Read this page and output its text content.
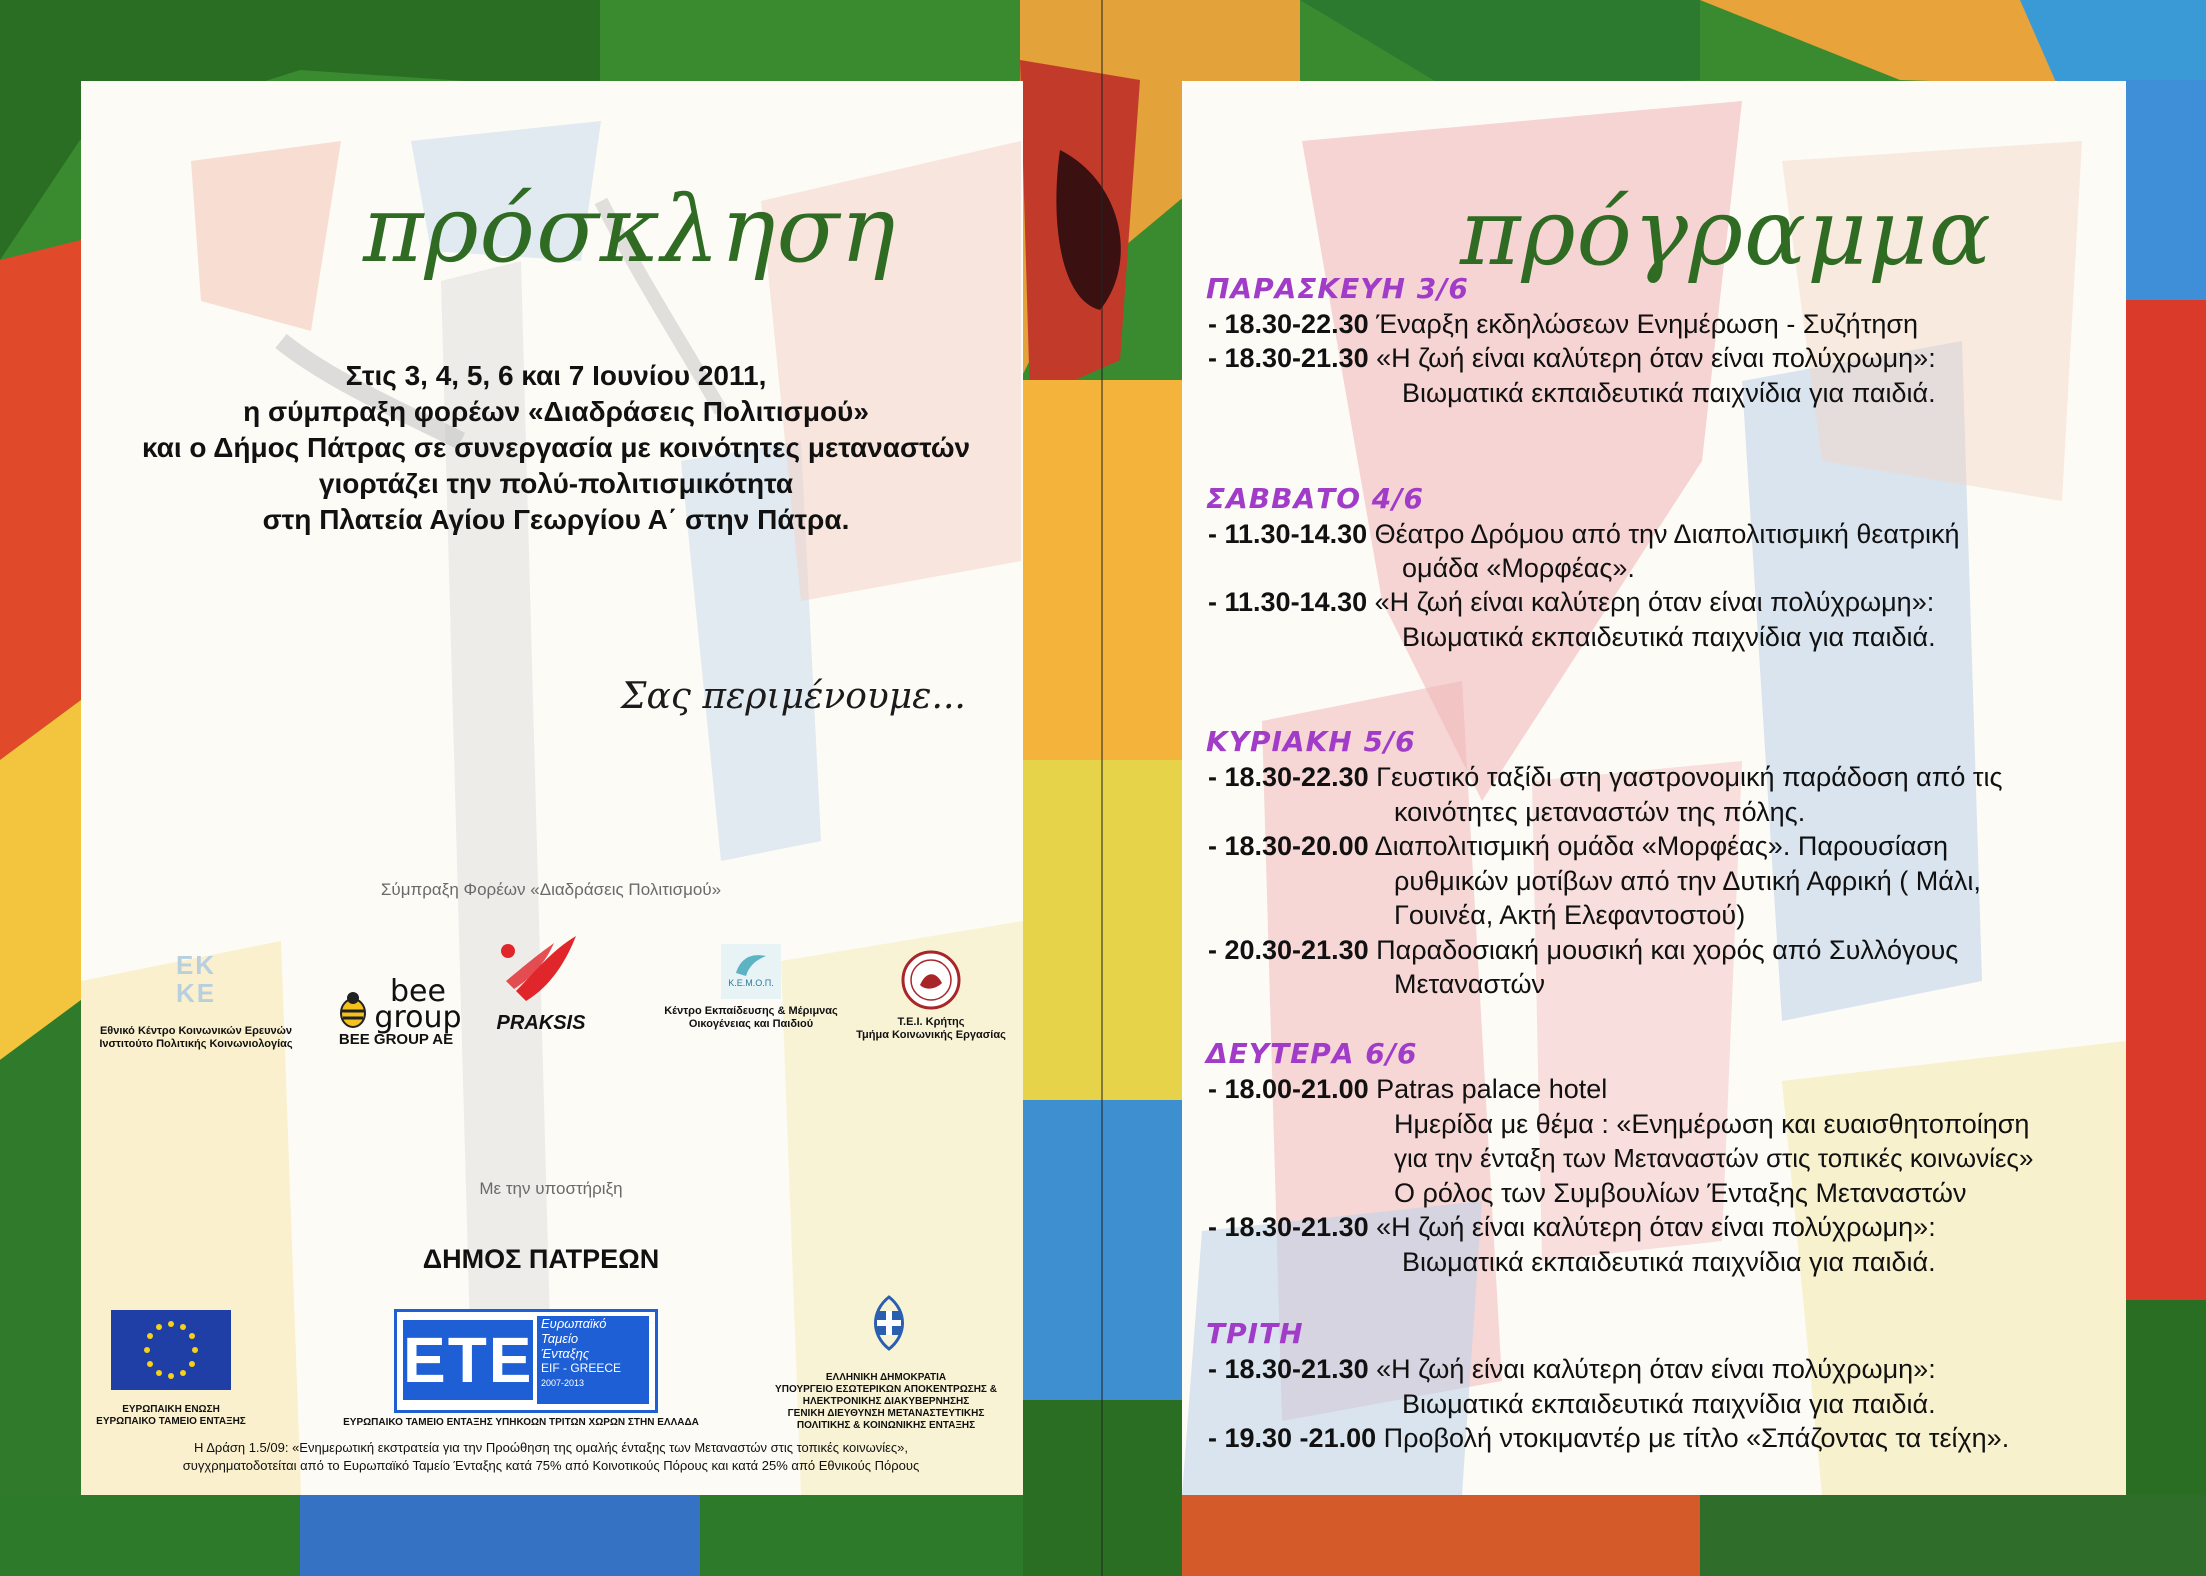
πρόσκληση
Στις 3, 4, 5, 6 και 7 Ιουνίου 2011,
η σύμπραξη φορέων «Διαδράσεις Πολιτισμού»
και ο Δήμος Πάτρας σε συνεργασία με κοινότητες μεταναστών
γιορτάζει την πολύ-πολιτισμικότητα
στη Πλατεία Αγίου Γεωργίου Α΄ στην Πάτρα.
Σας περιμένουμε...
Σύμπραξη Φορέων «Διαδράσεις Πολιτισμού»
EKKE
Εθνικό Κέντρο Κοινωνικών Ερευνών
Ινστιτούτο Πολιτικής Κοινωνιολογίας
bee group
BEE GROUP AE
PRAKSIS
Κ.Ε.Μ.Ο.Π.
Κέντρο Εκπαίδευσης & Μέριμνας
Οικογένειας και Παιδιού	Τ.Ε.Ι. Κρήτης
Τμήμα Κοινωνικής Εργασίας
Με την υποστήριξη
ΔΗΜΟΣ ΠΑΤΡΕΩΝ
ΕΥΡΩΠΑΙΚΗ ΕΝΩΣΗ
ΕΥΡΩΠΑΙΚΟ ΤΑΜΕΙΟ ΕΝΤΑΞΗΣ
ΕΤΕ
Ευρωπαϊκό
Ταμείο
Ένταξης
EIF - GREECE
2007-2013
ΕΥΡΩΠΑΙΚΟ ΤΑΜΕΙΟ ΕΝΤΑΞΗΣ ΥΠΗΚΟΩΝ ΤΡΙΤΩΝ ΧΩΡΩΝ ΣΤΗΝ ΕΛΛΑΔΑ
ΕΛΛΗΝΙΚΗ ΔΗΜΟΚΡΑΤΙΑ
ΥΠΟΥΡΓΕΙΟ ΕΣΩΤΕΡΙΚΩΝ ΑΠΟΚΕΝΤΡΩΣΗΣ &
ΗΛΕΚΤΡΟΝΙΚΗΣ ΔΙΑΚΥΒΕΡΝΗΣΗΣ
ΓΕΝΙΚΗ ΔΙΕΥΘΥΝΣΗ ΜΕΤΑΝΑΣΤΕΥΤΙΚΗΣ
ΠΟΛΙΤΙΚΗΣ & ΚΟΙΝΩΝΙΚΗΣ ΕΝΤΑΞΗΣ
Η Δράση 1.5/09: «Ενημερωτική εκστρατεία για την Προώθηση της ομαλής ένταξης των Μεταναστών στις τοπικές κοινωνίες»,
συγχρηματοδοτείται από το Ευρωπαϊκό Ταμείο Ένταξης κατά 75% από Κοινοτικούς Πόρους και κατά 25% από Εθνικούς Πόρους
πρόγραμμα
ΠΑΡΑΣΚΕΥΗ 3/6
- 18.30-22.30 Έναρξη εκδηλώσεων Ενημέρωση - Συζήτηση
- 18.30-21.30 «Η ζωή είναι καλύτερη όταν είναι πολύχρωμη»:
Βιωματικά εκπαιδευτικά παιχνίδια για παιδιά.
ΣΑΒΒΑΤΟ 4/6
- 11.30-14.30 Θέατρο Δρόμου από την Διαπολιτισμική θεατρική
ομάδα «Μορφέας».
- 11.30-14.30 «Η ζωή είναι καλύτερη όταν είναι πολύχρωμη»:
Βιωματικά εκπαιδευτικά παιχνίδια για παιδιά.
ΚΥΡΙΑΚΗ 5/6
- 18.30-22.30 Γευστικό ταξίδι στη γαστρονομική παράδοση από τις
κοινότητες μεταναστών της πόλης.
- 18.30-20.00 Διαπολιτισμική ομάδα «Μορφέας». Παρουσίαση
ρυθμικών μοτίβων από την Δυτική Αφρική ( Μάλι,
Γουινέα, Ακτή Ελεφαντοστού)
- 20.30-21.30 Παραδοσιακή μουσική και χορός από Συλλόγους
Μεταναστών
ΔΕΥΤΕΡΑ 6/6
- 18.00-21.00 Patras palace hotel
Ημερίδα με θέμα : «Ενημέρωση και ευαισθητοποίηση
για την ένταξη των Μεταναστών στις τοπικές κοινωνίες»
Ο ρόλος των Συμβουλίων Ένταξης Μεταναστών
- 18.30-21.30 «Η ζωή είναι καλύτερη όταν είναι πολύχρωμη»:
Βιωματικά εκπαιδευτικά παιχνίδια για παιδιά.
ΤΡΙΤΗ
- 18.30-21.30 «Η ζωή είναι καλύτερη όταν είναι πολύχρωμη»:
Βιωματικά εκπαιδευτικά παιχνίδια για παιδιά.
- 19.30 -21.00 Προβολή ντοκιμαντέρ με τίτλο «Σπάζοντας τα τείχη».
